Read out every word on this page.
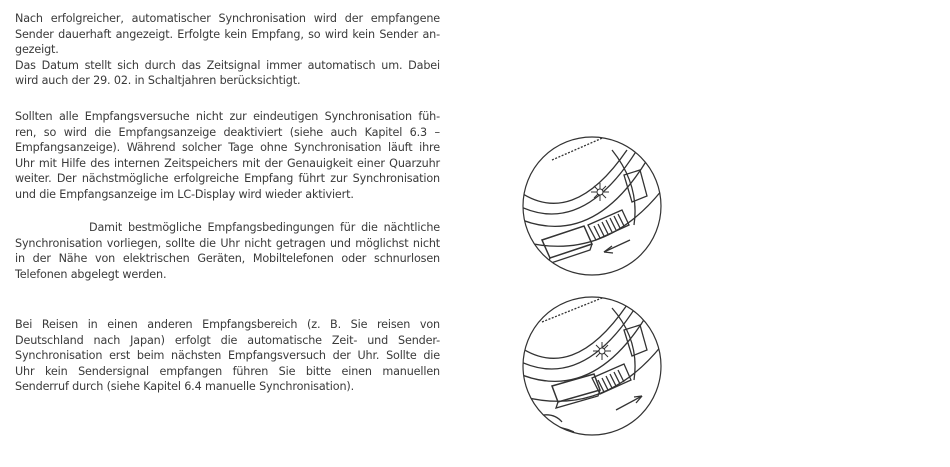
Nach erfolgreicher, automatischer Synchronisation wird der empfangene
Sender dauerhaft angezeigt. Erfolgte kein Empfang, so wird kein Sender an-
gezeigt.
Das Datum stellt sich durch das Zeitsignal immer automatisch um. Dabei
wird auch der 29. 02. in Schaltjahren berücksichtigt.
Sollten alle Empfangsversuche nicht zur eindeutigen Synchronisation füh-
ren, so wird die Empfangsanzeige deaktiviert (siehe auch Kapitel 6.3 –
Empfangsanzeige). Während solcher Tage ohne Synchronisation läuft ihre
Uhr mit Hilfe des internen Zeitspeichers mit der Genauigkeit einer Quarzuhr
weiter. Der nächstmögliche erfolgreiche Empfang führt zur Synchronisation
und die Empfangsanzeige im LC-Display wird wieder aktiviert.
Damit bestmögliche Empfangsbedingungen für die nächtliche
Synchronisation vorliegen, sollte die Uhr nicht getragen und möglichst nicht
in der Nähe von elektrischen Geräten, Mobiltelefonen oder schnurlosen
Telefonen abgelegt werden.
Bei Reisen in einen anderen Empfangsbereich (z. B. Sie reisen von
Deutschland nach Japan) erfolgt die automatische Zeit- und Sender-
Synchronisation erst beim nächsten Empfangsversuch der Uhr. Sollte die
Uhr kein Sendersignal empfangen führen Sie bitte einen manuellen
Senderruf durch (siehe Kapitel 6.4 manuelle Synchronisation).
